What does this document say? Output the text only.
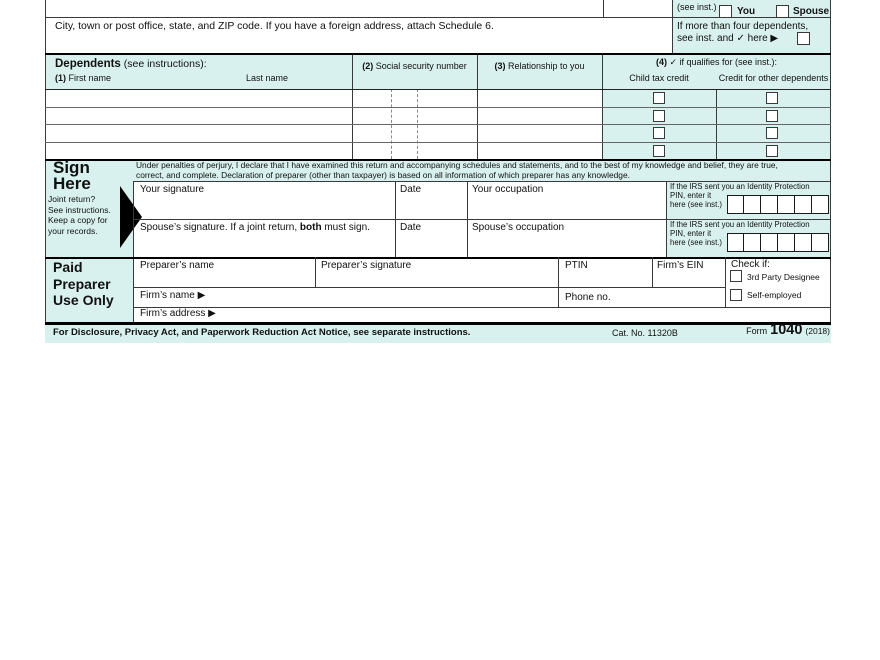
(see inst.) You	Spouse
City, town or post office, state, and ZIP code. If you have a foreign address, attach Schedule 6.	If more than four dependents,
see inst. and ✓ here ▶
Dependents (see instructions):
(1) First name	Last name
(2) Social security number	(3) Relationship to you	(4) ✓ if qualifies for (see inst.):
Child tax credit	Credit for other dependents
Sign
Here
Joint return?
See instructions.
Keep a copy for
your records.
Under penalties of perjury, I declare that I have examined this return and accompanying schedules and statements, and to the best of my knowledge and belief, they are true,
correct, and complete. Declaration of preparer (other than taxpayer) is based on all information of which preparer has any knowledge.
Your signature	Date	Your occupation	If the IRS sent you an Identity Protection
PIN, enter it
here (see inst.)
Spouse’s signature. If a joint return, both must sign.	Date	Spouse’s occupation	If the IRS sent you an Identity Protection
PIN, enter it
here (see inst.)
Paid
Preparer
Use Only
Preparer’s name	Preparer’s signature	PTIN	Firm’s EIN	Check if:
3rd Party Designee
Self-employed
Firm’s name ▶	Phone no.
Firm’s address ▶
For Disclosure, Privacy Act, and Paperwork Reduction Act Notice, see separate instructions.	Cat. No. 11320B	Form 1040 (2018)
